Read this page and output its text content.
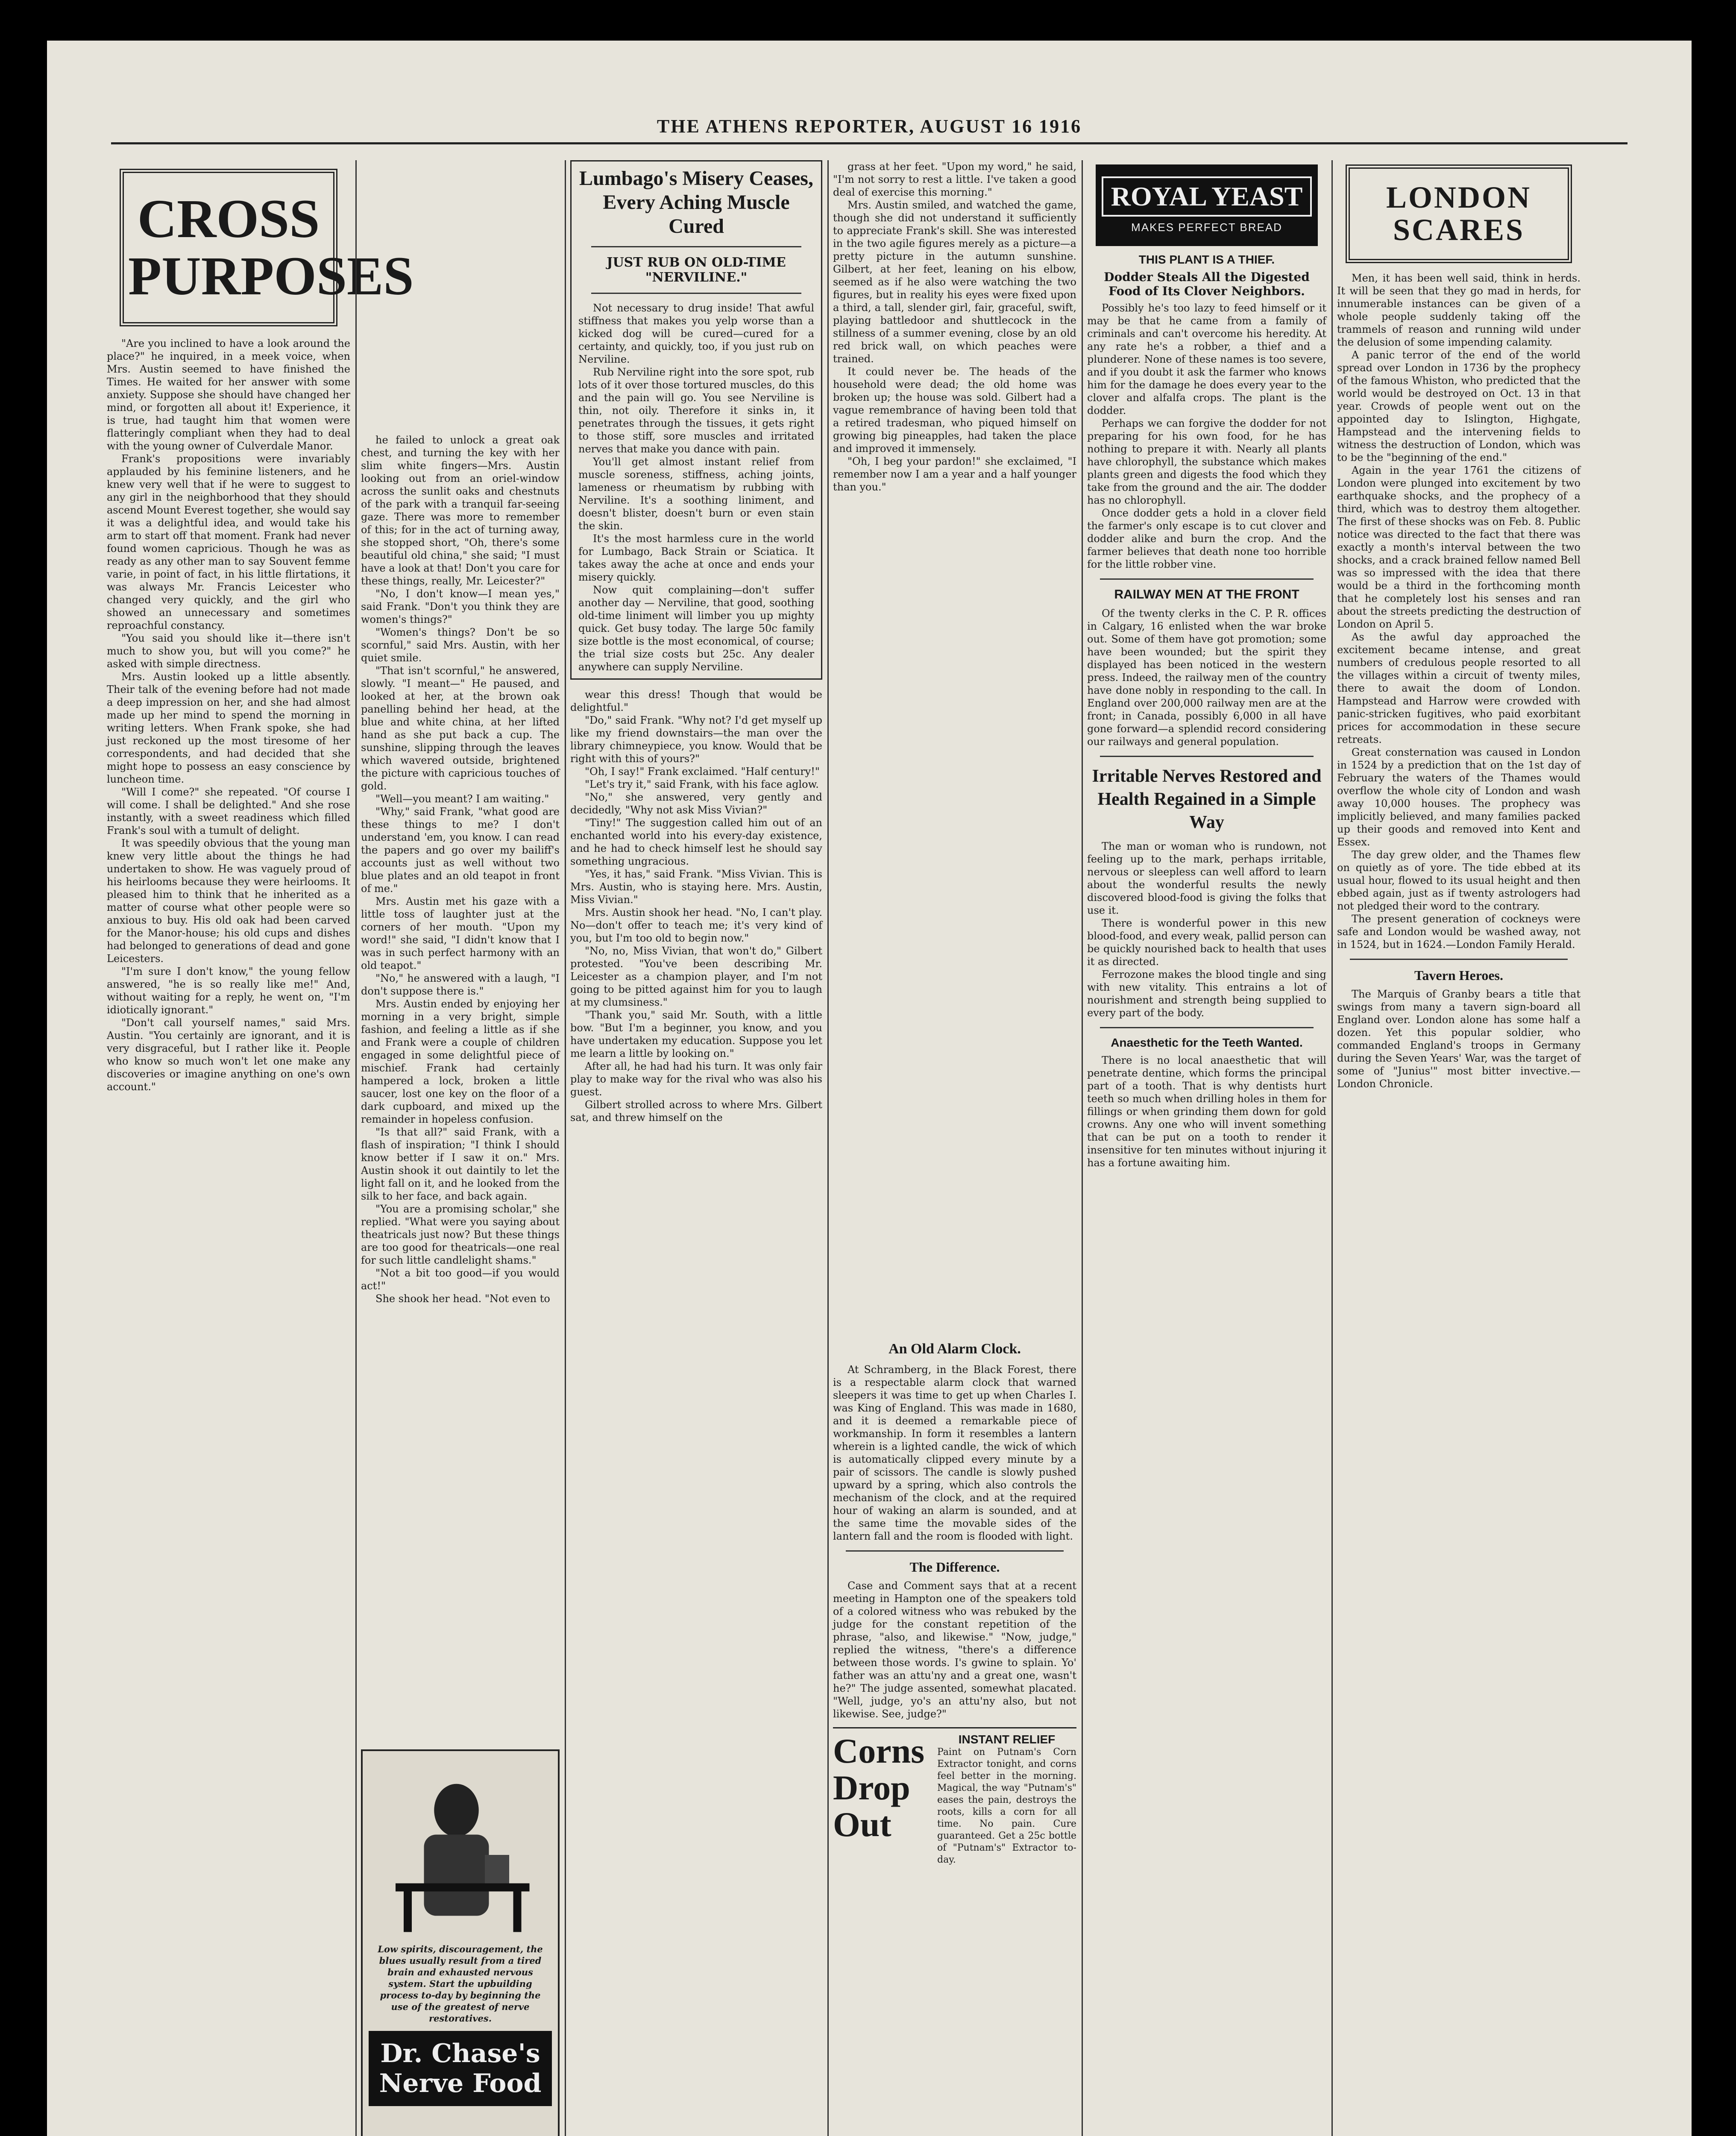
THE ATHENS REPORTER, AUGUST 16 1916
CROSS
PURPOSES

"Are you inclined to have a look around the place?" he inquired, in a meek voice, when Mrs. Austin seemed to have finished the Times. He waited for her answer with some anxiety. Suppose she should have changed her mind, or forgotten all about it! Experience, it is true, had taught him that women were flatteringly compliant when they had to deal with the young owner of Culverdale Manor.

Frank's propositions were invariably applauded by his feminine listeners, and he knew very well that if he were to suggest to any girl in the neighborhood that they should ascend Mount Everest together, she would say it was a delightful idea, and would take his arm to start off that moment. Frank had never found women capricious. Though he was as ready as any other man to say Souvent femme varie, in point of fact, in his little flirtations, it was always Mr. Francis Leicester who changed very quickly, and the girl who showed an unnecessary and sometimes reproachful constancy.

"You said you should like it—there isn't much to show you, but will you come?" he asked with simple directness.

Mrs. Austin looked up a little absently. Their talk of the evening before had not made a deep impression on her, and she had almost made up her mind to spend the morning in writing letters. When Frank spoke, she had just reckoned up the most tiresome of her correspondents, and had decided that she might hope to possess an easy conscience by luncheon time.

"Will I come?" she repeated. "Of course I will come. I shall be delighted." And she rose instantly, with a sweet readiness which filled Frank's soul with a tumult of delight.

It was speedily obvious that the young man knew very little about the things he had undertaken to show. He was vaguely proud of his heirlooms because they were heirlooms. It pleased him to think that he inherited as a matter of course what other people were so anxious to buy. His old oak had been carved for the Manor-house; his old cups and dishes had belonged to generations of dead and gone Leicesters.

"I'm sure I don't know," the young fellow answered, "he is so really like me!" And, without waiting for a reply, he went on, "I'm idiotically ignorant."

"Don't call yourself names," said Mrs. Austin. "You certainly are ignorant, and it is very disgraceful, but I rather like it. People who know so much won't let one make any discoveries or imagine anything on one's own account."

he failed to unlock a great oak chest, and turning the key with her slim white fingers—Mrs. Austin looking out from an oriel-window across the sunlit oaks and chestnuts of the park with a tranquil far-seeing gaze. There was more to remember of this; for in the act of turning away, she stopped short, "Oh, there's some beautiful old china," she said; "I must have a look at that! Don't you care for these things, really, Mr. Leicester?"

"No, I don't know—I mean yes," said Frank. "Don't you think they are women's things?"

"Women's things? Don't be so scornful," said Mrs. Austin, with her quiet smile.

"That isn't scornful," he answered, slowly. "I meant—" He paused, and looked at her, at the brown oak panelling behind her head, at the blue and white china, at her lifted hand as she put back a cup. The sunshine, slipping through the leaves which wavered outside, brightened the picture with capricious touches of gold.

"Well—you meant? I am waiting."

"Why," said Frank, "what good are these things to me? I don't understand 'em, you know. I can read the papers and go over my bailiff's accounts just as well without two blue plates and an old teapot in front of me."

Mrs. Austin met his gaze with a little toss of laughter just at the corners of her mouth. "Upon my word!" she said, "I didn't know that I was in such perfect harmony with an old teapot."

"No," he answered with a laugh, "I don't suppose there is."

Mrs. Austin ended by enjoying her morning in a very bright, simple fashion, and feeling a little as if she and Frank were a couple of children engaged in some delightful piece of mischief. Frank had certainly hampered a lock, broken a little saucer, lost one key on the floor of a dark cupboard, and mixed up the remainder in hopeless confusion.

"Is that all?" said Frank, with a flash of inspiration; "I think I should know better if I saw it on." Mrs. Austin shook it out daintily to let the light fall on it, and he looked from the silk to her face, and back again.

"You are a promising scholar," she replied. "What were you saying about theatricals just now? But these things are too good for theatricals—one real for such little candlelight shams."

"Not a bit too good—if you would act!"

She shook her head. "Not even to

Low spirits, discouragement, the blues usually result from a tired brain and exhausted nervous system. Start the upbuilding process to-day by beginning the use of the greatest of nerve restoratives.
Dr. Chase's Nerve Food
Lumbago's Misery Ceases, Every Aching Muscle Cured
JUST RUB ON OLD-TIME "NERVILINE."

Not necessary to drug inside! That awful stiffness that makes you yelp worse than a kicked dog will be cured—cured for a certainty, and quickly, too, if you just rub on Nerviline.

Rub Nerviline right into the sore spot, rub lots of it over those tortured muscles, do this and the pain will go. You see Nerviline is thin, not oily. Therefore it sinks in, it penetrates through the tissues, it gets right to those stiff, sore muscles and irritated nerves that make you dance with pain.

You'll get almost instant relief from muscle soreness, stiffness, aching joints, lameness or rheumatism by rubbing with Nerviline. It's a soothing liniment, and doesn't blister, doesn't burn or even stain the skin.

It's the most harmless cure in the world for Lumbago, Back Strain or Sciatica. It takes away the ache at once and ends your misery quickly.

Now quit complaining—don't suffer another day — Nerviline, that good, soothing old-time liniment will limber you up mighty quick. Get busy today. The large 50c family size bottle is the most economical, of course; the trial size costs but 25c. Any dealer anywhere can supply Nerviline.

wear this dress! Though that would be delightful."

"Do," said Frank. "Why not? I'd get myself up like my friend downstairs—the man over the library chimneypiece, you know. Would that be right with this of yours?"

"Oh, I say!" Frank exclaimed. "Half century!"

"Let's try it," said Frank, with his face aglow.

"No," she answered, very gently and decidedly, "Why not ask Miss Vivian?"

"Tiny!" The suggestion called him out of an enchanted world into his every-day existence, and he had to check himself lest he should say something ungracious.

"Yes, it has," said Frank. "Miss Vivian. This is Mrs. Austin, who is staying here. Mrs. Austin, Miss Vivian."

Mrs. Austin shook her head. "No, I can't play. No—don't offer to teach me; it's very kind of you, but I'm too old to begin now."

"No, no, Miss Vivian, that won't do," Gilbert protested. "You've been describing Mr. Leicester as a champion player, and I'm not going to be pitted against him for you to laugh at my clumsiness."

"Thank you," said Mr. South, with a little bow. "But I'm a beginner, you know, and you have undertaken my education. Suppose you let me learn a little by looking on."

After all, he had had his turn. It was only fair play to make way for the rival who was also his guest.

Gilbert strolled across to where Mrs. Gilbert sat, and threw himself on the

grass at her feet. "Upon my word," he said, "I'm not sorry to rest a little. I've taken a good deal of exercise this morning."

Mrs. Austin smiled, and watched the game, though she did not understand it sufficiently to appreciate Frank's skill. She was interested in the two agile figures merely as a picture—a pretty picture in the autumn sunshine. Gilbert, at her feet, leaning on his elbow, seemed as if he also were watching the two figures, but in reality his eyes were fixed upon a third, a tall, slender girl, fair, graceful, swift, playing battledoor and shuttlecock in the stillness of a summer evening, close by an old red brick wall, on which peaches were trained.

It could never be. The heads of the household were dead; the old home was broken up; the house was sold. Gilbert had a vague remembrance of having been told that a retired tradesman, who piqued himself on growing big pineapples, had taken the place and improved it immensely.

"Oh, I beg your pardon!" she exclaimed, "I remember now I am a year and a half younger than you."

An Old Alarm Clock.

At Schramberg, in the Black Forest, there is a respectable alarm clock that warned sleepers it was time to get up when Charles I. was King of England. This was made in 1680, and it is deemed a remarkable piece of workmanship. In form it resembles a lantern wherein is a lighted candle, the wick of which is automatically clipped every minute by a pair of scissors. The candle is slowly pushed upward by a spring, which also controls the mechanism of the clock, and at the required hour of waking an alarm is sounded, and at the same time the movable sides of the lantern fall and the room is flooded with light.

The Difference.

Case and Comment says that at a recent meeting in Hampton one of the speakers told of a colored witness who was rebuked by the judge for the constant repetition of the phrase, "also, and likewise." "Now, judge," replied the witness, "there's a difference between those words. I's gwine to splain. Yo' father was an attu'ny and a great one, wasn't he?" The judge assented, somewhat placated. "Well, judge, yo's an attu'ny also, but not likewise. See, judge?"

Corns
Drop
Out
INSTANT RELIEF

Paint on Putnam's Corn Extractor tonight, and corns feel better in the morning. Magical, the way "Putnam's" eases the pain, destroys the roots, kills a corn for all time. No pain. Cure guaranteed. Get a 25c bottle of "Putnam's" Extractor to-day.

ROYAL YEAST
MAKES PERFECT BREAD
THIS PLANT IS A THIEF.
Dodder Steals All the Digested Food of Its Clover Neighbors.

Possibly he's too lazy to feed himself or it may be that he came from a family of criminals and can't overcome his heredity. At any rate he's a robber, a thief and a plunderer. None of these names is too severe, and if you doubt it ask the farmer who knows him for the damage he does every year to the clover and alfalfa crops. The plant is the dodder.

Perhaps we can forgive the dodder for not preparing for his own food, for he has nothing to prepare it with. Nearly all plants have chlorophyll, the substance which makes plants green and digests the food which they take from the ground and the air. The dodder has no chlorophyll.

Once dodder gets a hold in a clover field the farmer's only escape is to cut clover and dodder alike and burn the crop. And the farmer believes that death none too horrible for the little robber vine.

RAILWAY MEN AT THE FRONT

Of the twenty clerks in the C. P. R. offices in Calgary, 16 enlisted when the war broke out. Some of them have got promotion; some have been wounded; but the spirit they displayed has been noticed in the western press. Indeed, the railway men of the country have done nobly in responding to the call. In England over 200,000 railway men are at the front; in Canada, possibly 6,000 in all have gone forward—a splendid record considering our railways and general population.

Irritable Nerves Restored and Health Regained in a Simple Way

The man or woman who is rundown, not feeling up to the mark, perhaps irritable, nervous or sleepless can well afford to learn about the wonderful results the newly discovered blood-food is giving the folks that use it.

There is wonderful power in this new blood-food, and every weak, pallid person can be quickly nourished back to health that uses it as directed.

Ferrozone makes the blood tingle and sing with new vitality. This entrains a lot of nourishment and strength being supplied to every part of the body.

Anaesthetic for the Teeth Wanted.

There is no local anaesthetic that will penetrate dentine, which forms the principal part of a tooth. That is why dentists hurt teeth so much when drilling holes in them for fillings or when grinding them down for gold crowns. Any one who will invent something that can be put on a tooth to render it insensitive for ten minutes without injuring it has a fortune awaiting him.

LONDON
SCARES

Men, it has been well said, think in herds. It will be seen that they go mad in herds, for innumerable instances can be given of a whole people suddenly taking off the trammels of reason and running wild under the delusion of some impending calamity.

A panic terror of the end of the world spread over London in 1736 by the prophecy of the famous Whiston, who predicted that the world would be destroyed on Oct. 13 in that year. Crowds of people went out on the appointed day to Islington, Highgate, Hampstead and the intervening fields to witness the destruction of London, which was to be the "beginning of the end."

Again in the year 1761 the citizens of London were plunged into excitement by two earthquake shocks, and the prophecy of a third, which was to destroy them altogether. The first of these shocks was on Feb. 8. Public notice was directed to the fact that there was exactly a month's interval between the two shocks, and a crack brained fellow named Bell was so impressed with the idea that there would be a third in the forthcoming month that he completely lost his senses and ran about the streets predicting the destruction of London on April 5.

As the awful day approached the excitement became intense, and great numbers of credulous people resorted to all the villages within a circuit of twenty miles, there to await the doom of London. Hampstead and Harrow were crowded with panic-stricken fugitives, who paid exorbitant prices for accommodation in these secure retreats.

Great consternation was caused in London in 1524 by a prediction that on the 1st day of February the waters of the Thames would overflow the whole city of London and wash away 10,000 houses. The prophecy was implicitly believed, and many families packed up their goods and removed into Kent and Essex.

The day grew older, and the Thames flew on quietly as of yore. The tide ebbed at its usual hour, flowed to its usual height and then ebbed again, just as if twenty astrologers had not pledged their word to the contrary.

The present generation of cockneys were safe and London would be washed away, not in 1524, but in 1624.—London Family Herald.

Tavern Heroes.

The Marquis of Granby bears a title that swings from many a tavern sign-board all England over. London alone has some half a dozen. Yet this popular soldier, who commanded England's troops in Germany during the Seven Years' War, was the target of some of "Junius'" most bitter invective.—London Chronicle.
